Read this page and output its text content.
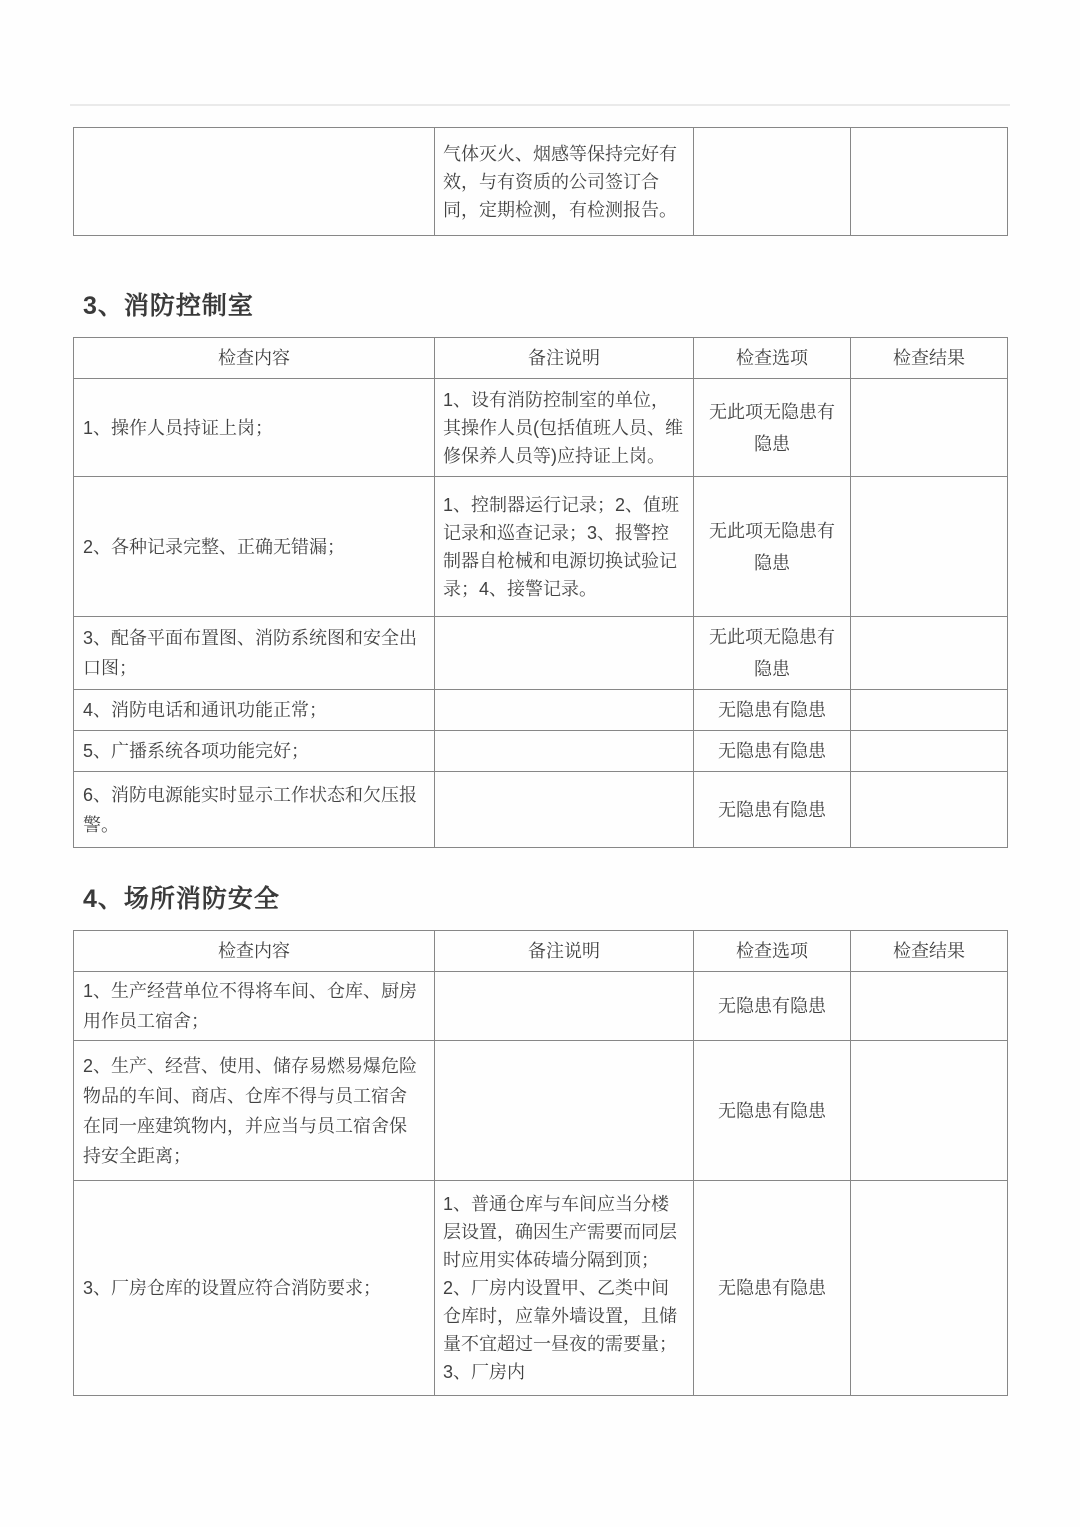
	气体灭火、烟感等保持完好有效，与有资质的公司签订合同，定期检测，有检测报告。		
3、消防控制室
检查内容	备注说明	检查选项	检查结果
1、操作人员持证上岗；	1、设有消防控制室的单位，其操作人员(包括值班人员、维修保养人员等)应持证上岗。	无此项无隐患有隐患	
2、各种记录完整、正确无错漏；	1、控制器运行记录；2、值班记录和巡查记录；3、报警控制器自枪械和电源切换试验记录；4、接警记录。	无此项无隐患有隐患	
3、配备平面布置图、消防系统图和安全出口图；		无此项无隐患有隐患	
4、消防电话和通讯功能正常；		无隐患有隐患	
5、广播系统各项功能完好；		无隐患有隐患	
6、消防电源能实时显示工作状态和欠压报警。		无隐患有隐患	
4、场所消防安全
检查内容	备注说明	检查选项	检查结果
1、生产经营单位不得将车间、仓库、厨房用作员工宿舍；		无隐患有隐患	
2、生产、经营、使用、储存易燃易爆危险物品的车间、商店、仓库不得与员工宿舍在同一座建筑物内，并应当与员工宿舍保持安全距离；		无隐患有隐患	
3、厂房仓库的设置应符合消防要求；	1、普通仓库与车间应当分楼层设置，确因生产需要而同层时应用实体砖墙分隔到顶；2、厂房内设置甲、乙类中间仓库时，应靠外墙设置，且储量不宜超过一昼夜的需要量；3、厂房内	无隐患有隐患	
